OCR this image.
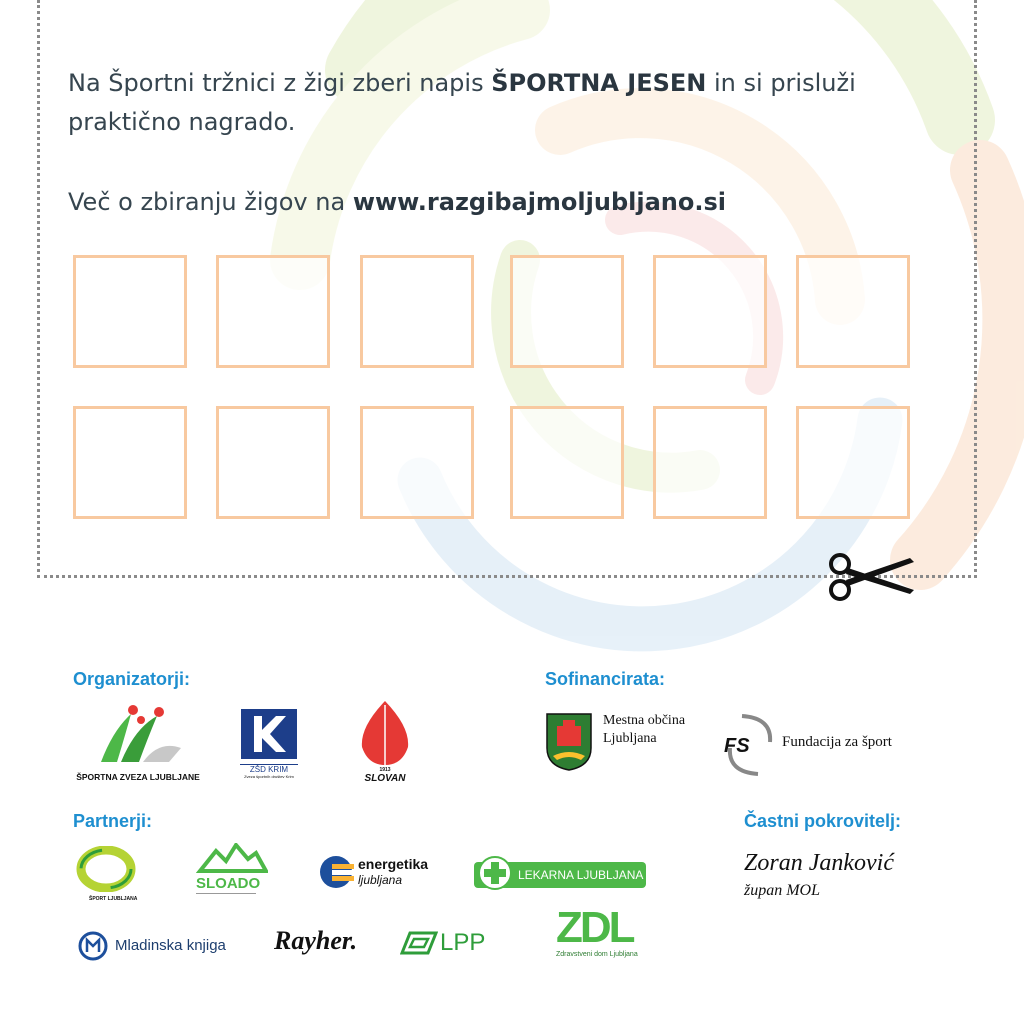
Na Športni tržnici z žigi zberi napis ŠPORTNA JESEN in si prisluži praktično nagrado.
Več o zbiranju žigov na www.razgibajmoljubljano.si
Organizatorji:	Sofinancirata:
Partnerji:	Častni pokrovitelj:
ŠPORTNA ZVEZA LJUBLJANE
ZŠD KRIM
Zveza športnih društev Krim
1913
SLOVAN
Mestna občina
Ljubljana	FS Fundacija za šport
Zoran Janković
župan MOL
ŠPORT LJUBLJANA
SLOADO
energetika
ljubljana	LEKARNA LJUBLJANA
Mladinska knjiga Rayher.	LPP ZDL
Zdravstveni dom Ljubljana
